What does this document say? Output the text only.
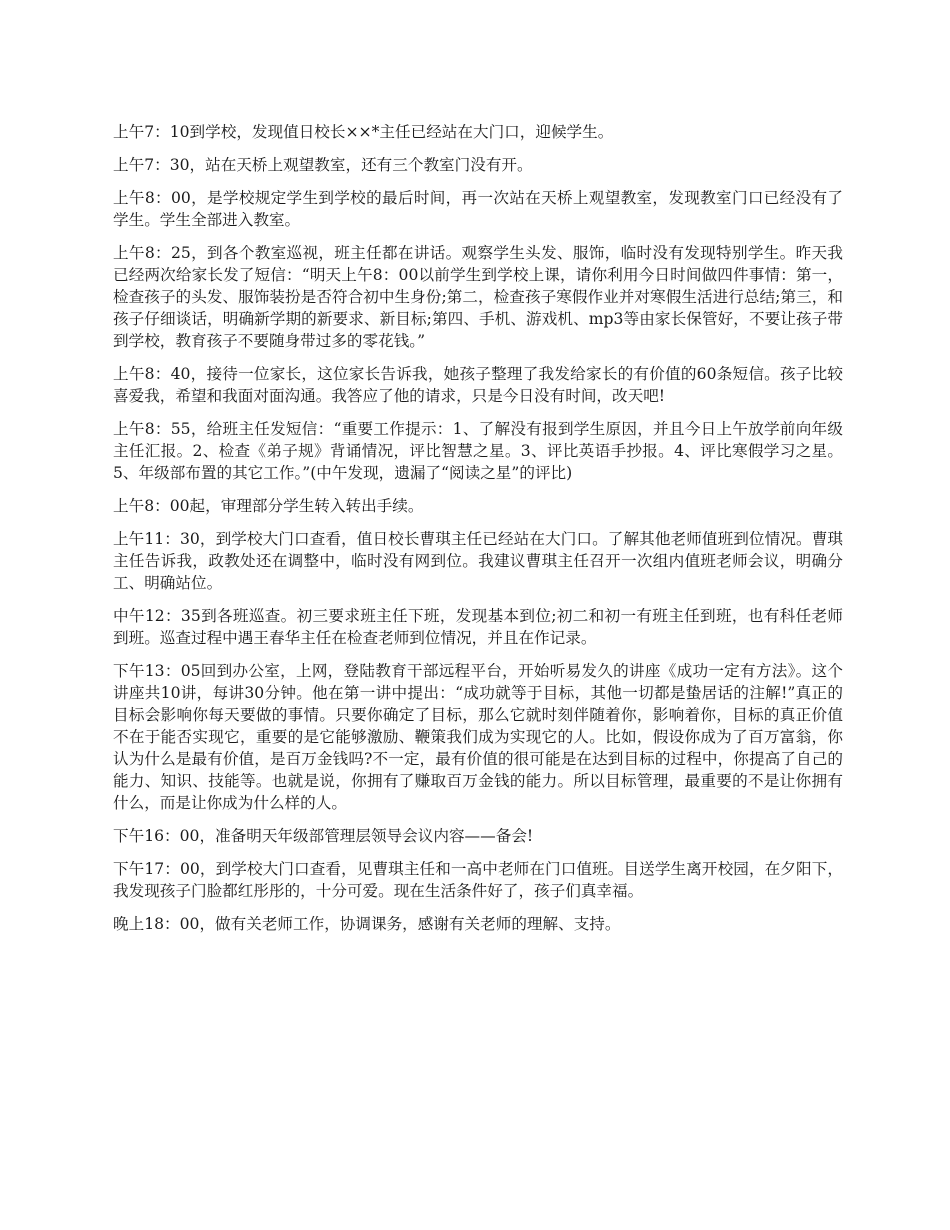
上午7：10到学校，发现值日校长××*主任已经站在大门口，迎候学生。

上午7：30，站在天桥上观望教室，还有三个教室门没有开。

上午8：00，是学校规定学生到学校的最后时间，再一次站在天桥上观望教室，发现教室门口已经没有了学生。学生全部进入教室。

上午8：25，到各个教室巡视，班主任都在讲话。观察学生头发、服饰，临时没有发现特别学生。昨天我已经两次给家长发了短信：“明天上午8：00以前学生到学校上课，请你利用今日时间做四件事情：第一，检查孩子的头发、服饰装扮是否符合初中生身份;第二，检查孩子寒假作业并对寒假生活进行总结;第三，和孩子仔细谈话，明确新学期的新要求、新目标;第四、手机、游戏机、mp3等由家长保管好，不要让孩子带到学校，教育孩子不要随身带过多的零花钱。”

上午8：40，接待一位家长，这位家长告诉我，她孩子整理了我发给家长的有价值的60条短信。孩子比较喜爱我，希望和我面对面沟通。我答应了他的请求，只是今日没有时间，改天吧!

上午8：55，给班主任发短信：“重要工作提示：1、了解没有报到学生原因，并且今日上午放学前向年级主任汇报。2、检查《弟子规》背诵情况，评比智慧之星。3、评比英语手抄报。4、评比寒假学习之星。5、年级部布置的其它工作。”(中午发现，遗漏了“阅读之星”的评比)

上午8：00起，审理部分学生转入转出手续。

上午11：30，到学校大门口查看，值日校长曹琪主任已经站在大门口。了解其他老师值班到位情况。曹琪主任告诉我，政教处还在调整中，临时没有网到位。我建议曹琪主任召开一次组内值班老师会议，明确分工、明确站位。

中午12：35到各班巡查。初三要求班主任下班，发现基本到位;初二和初一有班主任到班，也有科任老师到班。巡查过程中遇王春华主任在检查老师到位情况，并且在作记录。

下午13：05回到办公室，上网，登陆教育干部远程平台，开始听易发久的讲座《成功一定有方法》。这个讲座共10讲，每讲30分钟。他在第一讲中提出：“成功就等于目标，其他一切都是蛰居话的注解!”真正的目标会影响你每天要做的事情。只要你确定了目标，那么它就时刻伴随着你，影响着你，目标的真正价值不在于能否实现它，重要的是它能够激励、鞭策我们成为实现它的人。比如，假设你成为了百万富翁，你认为什么是最有价值，是百万金钱吗?不一定，最有价值的很可能是在达到目标的过程中，你提高了自己的能力、知识、技能等。也就是说，你拥有了赚取百万金钱的能力。所以目标管理，最重要的不是让你拥有什么，而是让你成为什么样的人。

下午16：00，准备明天年级部管理层领导会议内容——备会!

下午17：00，到学校大门口查看，见曹琪主任和一高中老师在门口值班。目送学生离开校园，在夕阳下，我发现孩子门脸都红彤彤的，十分可爱。现在生活条件好了，孩子们真幸福。

晚上18：00，做有关老师工作，协调课务，感谢有关老师的理解、支持。
